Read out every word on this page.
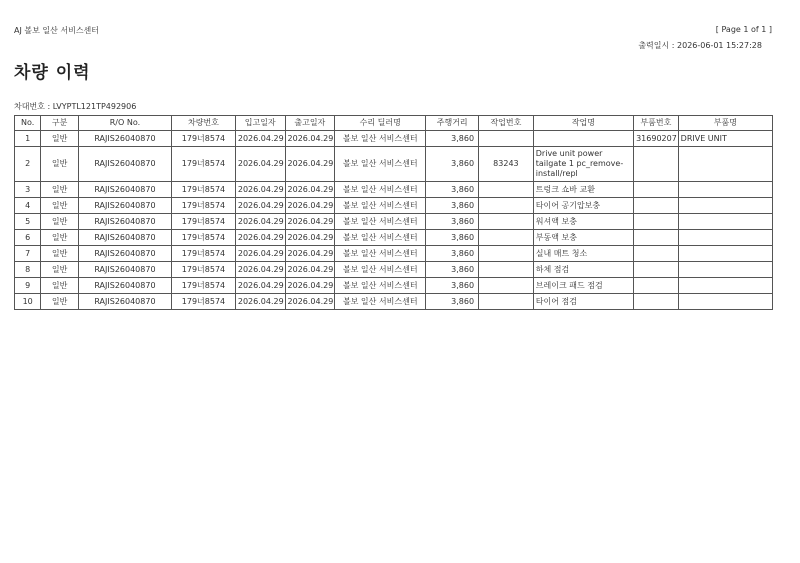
AJ 볼보 일산 서비스센터	[ Page 1 of 1 ]
출력일시 : 2026-06-01 15:27:28
차량 이력
차대번호 : LVYPTL121TP492906
No.	구분	R/O No.	차량번호	입고일자	출고일자	수리 딜러명	주행거리	작업번호	작업명	부품번호	부품명
1	일반	RAJIS26040870	179너8574	2026.04.29	2026.04.29	볼보 일산 서비스센터	3,860			31690207	DRIVE UNIT
2	일반	RAJIS26040870	179너8574	2026.04.29	2026.04.29	볼보 일산 서비스센터	3,860	83243	Drive unit power tailgate 1 pc_remove-install/repl		
3	일반	RAJIS26040870	179너8574	2026.04.29	2026.04.29	볼보 일산 서비스센터	3,860		트렁크 쇼바 교환		
4	일반	RAJIS26040870	179너8574	2026.04.29	2026.04.29	볼보 일산 서비스센터	3,860		타이어 공기압보충		
5	일반	RAJIS26040870	179너8574	2026.04.29	2026.04.29	볼보 일산 서비스센터	3,860		워셔액 보충		
6	일반	RAJIS26040870	179너8574	2026.04.29	2026.04.29	볼보 일산 서비스센터	3,860		부동액 보충		
7	일반	RAJIS26040870	179너8574	2026.04.29	2026.04.29	볼보 일산 서비스센터	3,860		실내 매트 청소		
8	일반	RAJIS26040870	179너8574	2026.04.29	2026.04.29	볼보 일산 서비스센터	3,860		하체 점검		
9	일반	RAJIS26040870	179너8574	2026.04.29	2026.04.29	볼보 일산 서비스센터	3,860		브레이크 패드 점검		
10	일반	RAJIS26040870	179너8574	2026.04.29	2026.04.29	볼보 일산 서비스센터	3,860		타이어 점검		
